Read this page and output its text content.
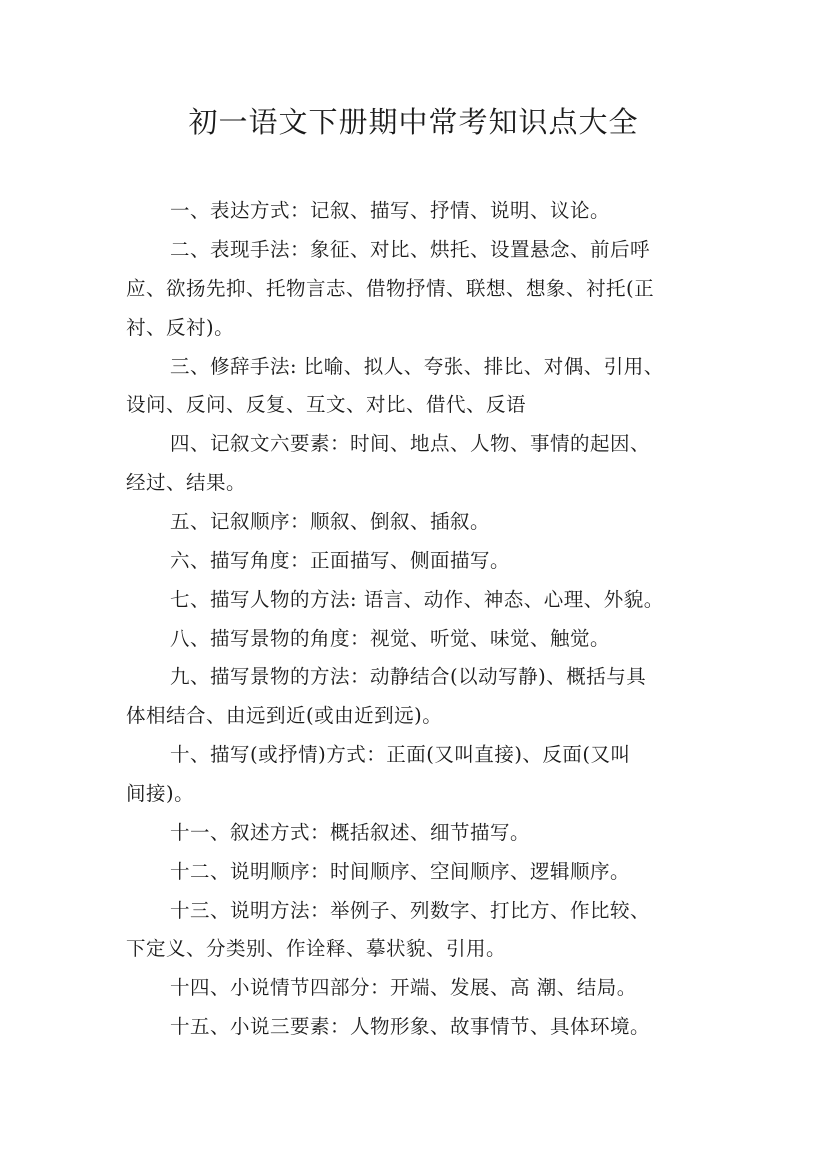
初一语文下册期中常考知识点大全
一、表达方式：记叙、描写、抒情、说明、议论。
二、表现手法：象征、对比、烘托、设置悬念、前后呼
应、欲扬先抑、托物言志、借物抒情、联想、想象、衬托(正
衬、反衬)。
三、修辞手法: 比喻、拟人、夸张、排比、对偶、引用、
设问、反问、反复、互文、对比、借代、反语
四、记叙文六要素：时间、地点、人物、事情的起因、
经过、结果。
五、记叙顺序：顺叙、倒叙、插叙。
六、描写角度：正面描写、侧面描写。
七、描写人物的方法: 语言、动作、神态、心理、外貌。
八、描写景物的角度：视觉、听觉、味觉、触觉。
九、描写景物的方法：动静结合(以动写静)、概括与具
体相结合、由远到近(或由近到远)。
十、描写(或抒情)方式：正面(又叫直接)、反面(又叫
间接)。
十一、叙述方式：概括叙述、细节描写。
十二、说明顺序：时间顺序、空间顺序、逻辑顺序。
十三、说明方法：举例子、列数字、打比方、作比较、
下定义、分类别、作诠释、摹状貌、引用。
十四、小说情节四部分：开端、发展、高 潮、结局。
十五、小说三要素：人物形象、故事情节、具体环境。
